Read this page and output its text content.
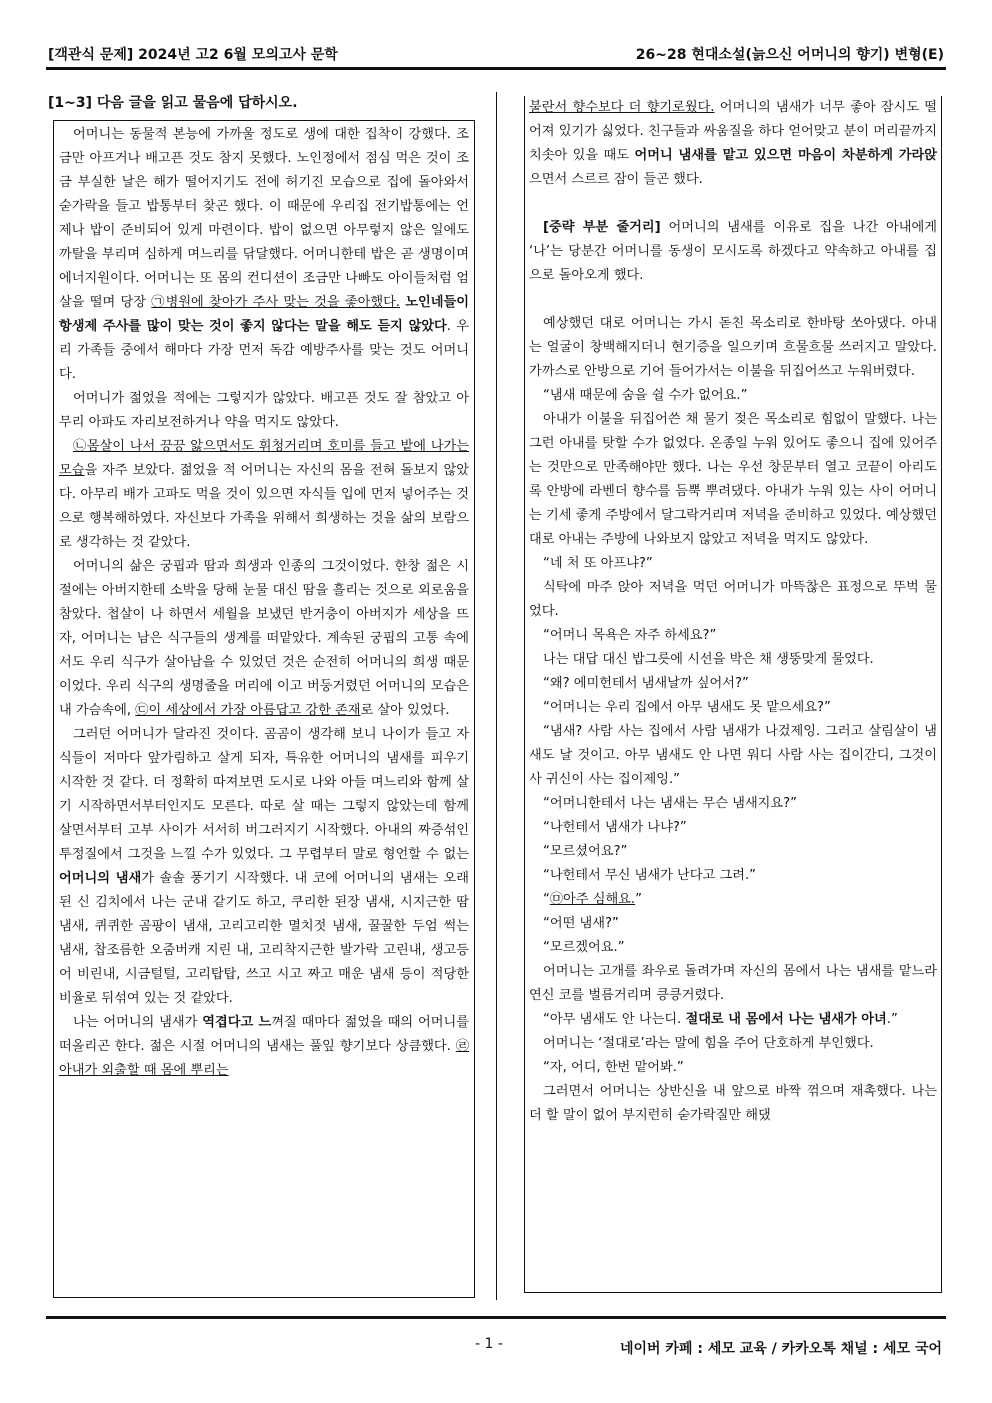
[객관식 문제] 2024년 고2 6월 모의고사 문학	26~28 현대소설(늙으신 어머니의 향기) 변형(E)
[1~3] 다음 글을 읽고 물음에 답하시오.

어머니는 동물적 본능에 가까울 정도로 생에 대한 집착이 강했다. 조금만 아프거나 배고픈 것도 참지 못했다. 노인정에서 점심 먹은 것이 조금 부실한 날은 해가 떨어지기도 전에 허기진 모습으로 집에 돌아와서 숟가락을 들고 밥통부터 찾곤 했다. 이 때문에 우리집 전기밥통에는 언제나 밥이 준비되어 있게 마련이다. 밥이 없으면 아무렇지 않은 일에도 까탈을 부리며 심하게 며느리를 닦달했다. 어머니한테 밥은 곧 생명이며 에너지원이다. 어머니는 또 몸의 컨디션이 조금만 나빠도 아이들처럼 엄살을 떨며 당장 ㉠병원에 찾아가 주사 맞는 것을 좋아했다. 노인네들이 항생제 주사를 많이 맞는 것이 좋지 않다는 말을 해도 듣지 않았다. 우리 가족들 중에서 해마다 가장 먼저 독감 예방주사를 맞는 것도 어머니다.

어머니가 젊었을 적에는 그렇지가 않았다. 배고픈 것도 잘 참았고 아무리 아파도 자리보전하거나 약을 먹지도 않았다.

㉡몸살이 나서 끙끙 앓으면서도 휘청거리며 호미를 들고 밭에 나가는 모습을 자주 보았다. 젊었을 적 어머니는 자신의 몸을 전혀 돌보지 않았다. 아무리 배가 고파도 먹을 것이 있으면 자식들 입에 먼저 넣어주는 것으로 행복해하였다. 자신보다 가족을 위해서 희생하는 것을 삶의 보람으로 생각하는 것 같았다.

어머니의 삶은 궁핍과 땀과 희생과 인종의 그것이었다. 한창 젊은 시절에는 아버지한테 소박을 당해 눈물 대신 땀을 흘리는 것으로 외로움을 참았다. 첩살이 나 하면서 세월을 보냈던 반거충이 아버지가 세상을 뜨자, 어머니는 남은 식구들의 생계를 떠맡았다. 계속된 궁핍의 고통 속에서도 우리 식구가 살아남을 수 있었던 것은 순전히 어머니의 희생 때문이었다. 우리 식구의 생명줄을 머리에 이고 버둥거렸던 어머니의 모습은 내 가슴속에, ㉢이 세상에서 가장 아름답고 강한 존재로 살아 있었다.

그러던 어머니가 달라진 것이다. 곰곰이 생각해 보니 나이가 들고 자식들이 저마다 앞가림하고 살게 되자, 특유한 어머니의 냄새를 피우기 시작한 것 같다. 더 정확히 따져보면 도시로 나와 아들 며느리와 함께 살기 시작하면서부터인지도 모른다. 따로 살 때는 그렇지 않았는데 함께 살면서부터 고부 사이가 서서히 버그러지기 시작했다. 아내의 짜증섞인 투정질에서 그것을 느낄 수가 있었다. 그 무렵부터 말로 형언할 수 없는 어머니의 냄새가 솔솔 풍기기 시작했다. 내 코에 어머니의 냄새는 오래된 신 김치에서 나는 군내 같기도 하고, 쿠리한 된장 냄새, 시지근한 땀 냄새, 퀴퀴한 곰팡이 냄새, 고리고리한 멸치젓 냄새, 꿀꿀한 두엄 썩는 냄새, 찹조름한 오줌버캐 지린 내, 고리착지근한 발가락 고린내, 생고등어 비린내, 시금털털, 고리탑탑, 쓰고 시고 짜고 매운 냄새 등이 적당한 비율로 뒤섞여 있는 것 같았다.

나는 어머니의 냄새가 역겹다고 느껴질 때마다 젊었을 때의 어머니를 떠올리곤 한다. 젊은 시절 어머니의 냄새는 풀잎 향기보다 상큼했다. ㉣아내가 외출할 때 몸에 뿌리는

불란서 향수보다 더 향기로웠다. 어머니의 냄새가 너무 좋아 잠시도 떨어져 있기가 싫었다. 친구들과 싸움질을 하다 얻어맞고 분이 머리끝까지 치솟아 있을 때도 어머니 냄새를 맡고 있으면 마음이 차분하게 가라앉으면서 스르르 잠이 들곤 했다.

[중략 부분 줄거리] 어머니의 냄새를 이유로 집을 나간 아내에게 ‘나’는 당분간 어머니를 동생이 모시도록 하겠다고 약속하고 아내를 집으로 돌아오게 했다.

예상했던 대로 어머니는 가시 돋친 목소리로 한바탕 쏘아댔다. 아내는 얼굴이 창백해지더니 현기증을 일으키며 흐물흐물 쓰러지고 말았다. 가까스로 안방으로 기어 들어가서는 이불을 뒤집어쓰고 누워버렸다.

“냄새 때문에 숨을 쉴 수가 없어요.”

아내가 이불을 뒤집어쓴 채 물기 젖은 목소리로 힘없이 말했다. 나는 그런 아내를 탓할 수가 없었다. 온종일 누워 있어도 좋으니 집에 있어주는 것만으로 만족해야만 했다. 나는 우선 창문부터 열고 코끝이 아리도록 안방에 라벤더 향수를 듬뿍 뿌려댔다. 아내가 누워 있는 사이 어머니는 기세 좋게 주방에서 달그락거리며 저녁을 준비하고 있었다. 예상했던 대로 아내는 주방에 나와보지 않았고 저녁을 먹지도 않았다.

“네 처 또 아프냐?”

식탁에 마주 앉아 저녁을 먹던 어머니가 마뜩찮은 표정으로 뚜벅 물었다.

“어머니 목욕은 자주 하세요?”

나는 대답 대신 밥그릇에 시선을 박은 채 생뚱맞게 물었다.

“왜? 에미헌테서 냄새날까 싶어서?”

“어머니는 우리 집에서 아무 냄새도 못 맡으세요?”

“냄새? 사람 사는 집에서 사람 냄새가 나겄제잉. 그러고 살림살이 냄새도 날 것이고. 아무 냄새도 안 나면 워디 사람 사는 집이간디, 그것이사 귀신이 사는 집이제잉.”

“어머니한테서 나는 냄새는 무슨 냄새지요?”

“나헌테서 냄새가 나냐?”

“모르셨어요?”

“나헌테서 무신 냄새가 난다고 그려.”

“㉤아주 심해요.”

“어떤 냄새?”

“모르겠어요.”

어머니는 고개를 좌우로 돌려가며 자신의 몸에서 나는 냄새를 맡느라 연신 코를 벌름거리며 킁킁거렸다.

“아무 냄새도 안 나는디. 절대로 내 몸에서 나는 냄새가 아녀.”

어머니는 ‘절대로’라는 말에 힘을 주어 단호하게 부인했다.

“자, 어디, 한번 맡어봐.”

그러면서 어머니는 상반신을 내 앞으로 바짝 꺾으며 재촉했다. 나는 더 할 말이 없어 부지런히 숟가락질만 해댔

- 1 -	네이버 카페 : 세모 교육 / 카카오톡 채널 : 세모 국어
